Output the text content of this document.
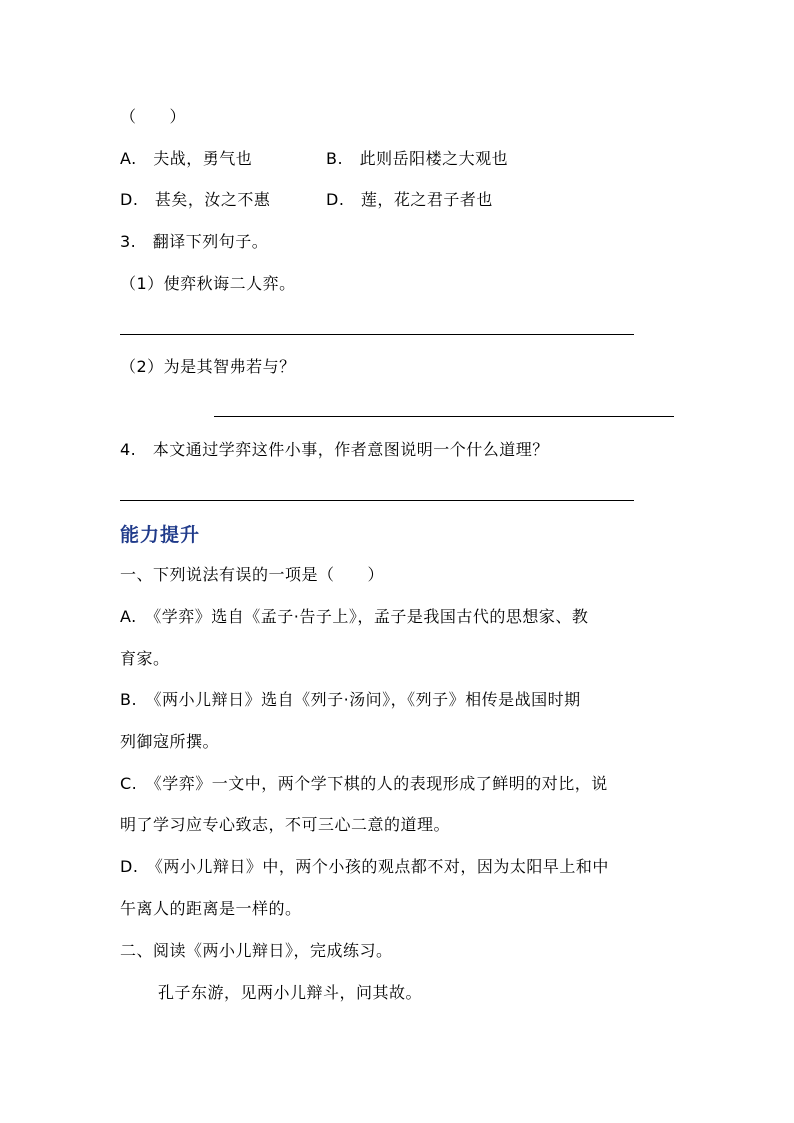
（　　）
A.　夫战，勇气也	B.　此则岳阳楼之大观也
D.　甚矣，汝之不惠	D.　莲，花之君子者也
3.　翻译下列句子。
（1）使弈秋诲二人弈。
（2）为是其智弗若与？
4.　本文通过学弈这件小事，作者意图说明一个什么道理？
能力提升
一、下列说法有误的一项是（　　）
A.　《学弈》选自《孟子·告子上》，孟子是我国古代的思想家、教
育家。
B.　《两小儿辩日》选自《列子·汤问》，《列子》相传是战国时期
列御寇所撰。
C.　《学弈》一文中，两个学下棋的人的表现形成了鲜明的对比，说
明了学习应专心致志，不可三心二意的道理。
D.　《两小儿辩日》中，两个小孩的观点都不对，因为太阳早上和中
午离人的距离是一样的。
二、阅读《两小儿辩日》，完成练习。
孔子东游，见两小儿辩斗，问其故。
